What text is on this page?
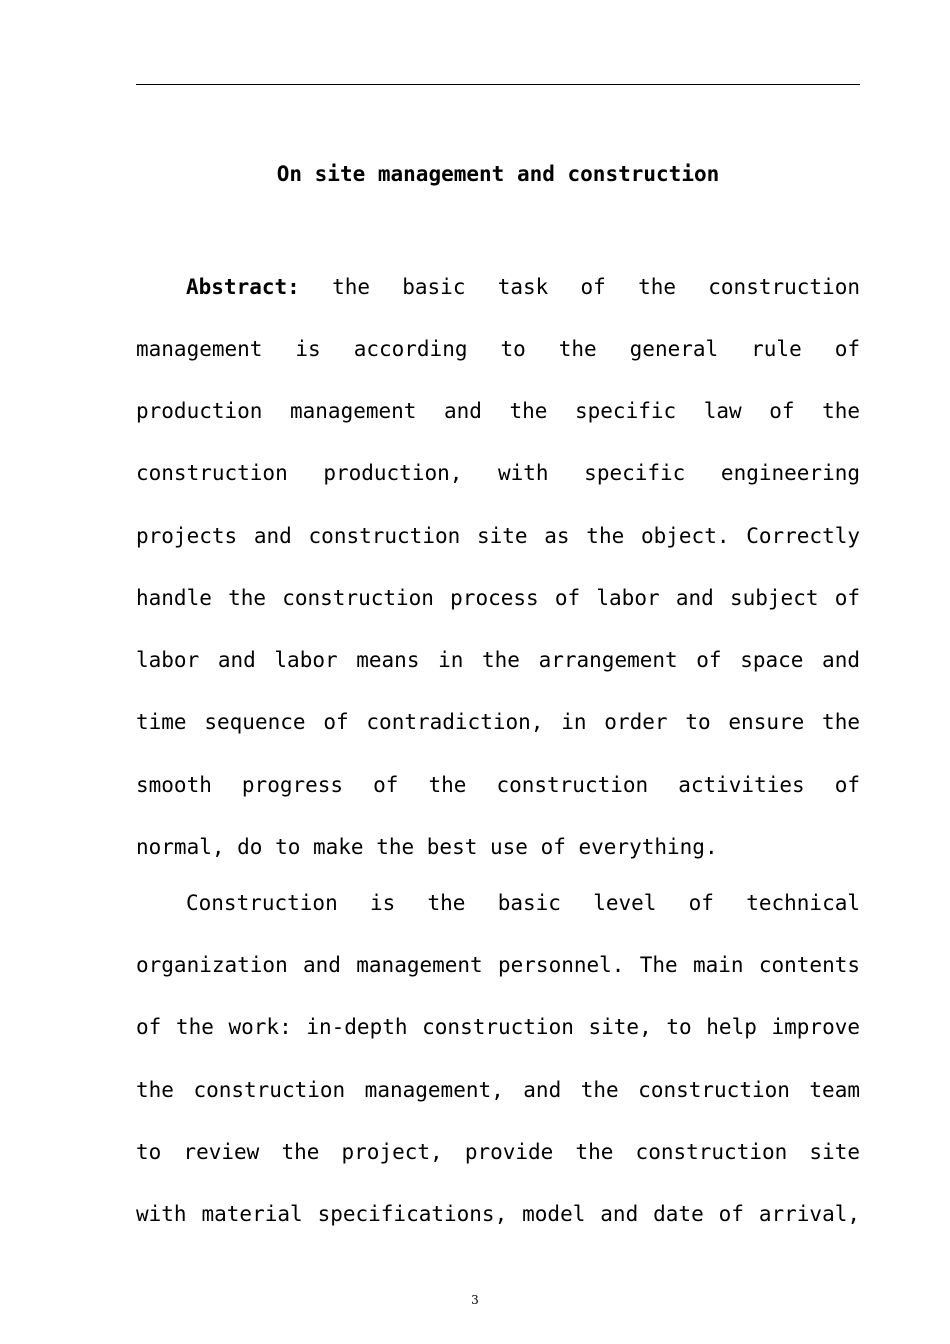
On site management and construction
Abstract: the basic task of the construction
management is according to the general rule of
production management and the specific law of the
construction production, with specific engineering
projects and construction site as the object. Correctly
handle the construction process of labor and subject of
labor and labor means in the arrangement of space and
time sequence of contradiction, in order to ensure the
smooth progress of the construction activities of
normal, do to make the best use of everything.
Construction is the basic level of technical
organization and management personnel. The main contents
of the work: in-depth construction site, to help improve
the construction management, and the construction team
to review the project, provide the construction site
with material specifications, model and date of arrival,
3
